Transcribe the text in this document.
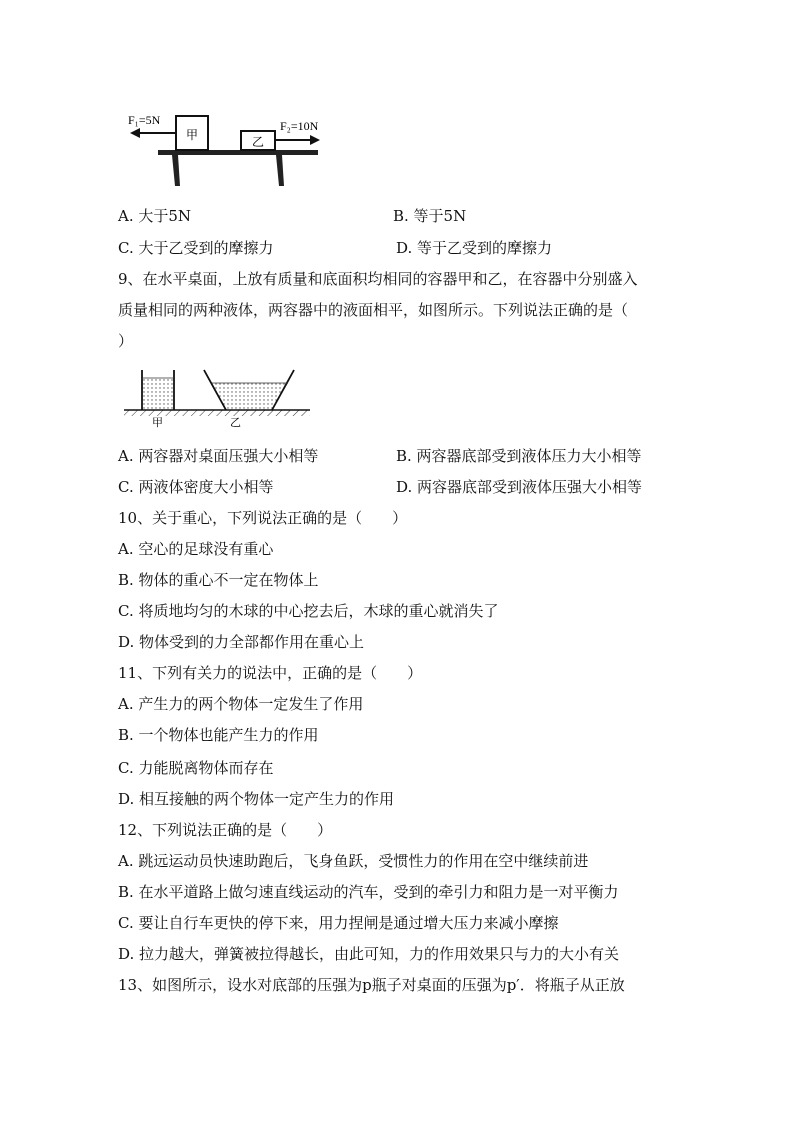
甲	乙
F₁=5N	F₂=10N
A. 大于5N	B. 等于5N
C. 大于乙受到的摩擦力	D. 等于乙受到的摩擦力
9、在水平桌面，上放有质量和底面积均相同的容器甲和乙，在容器中分别盛入
质量相同的两种液体，两容器中的液面相平，如图所示。下列说法正确的是（
）
甲	乙
A. 两容器对桌面压强大小相等	B. 两容器底部受到液体压力大小相等
C. 两液体密度大小相等	D. 两容器底部受到液体压强大小相等
10、关于重心，下列说法正确的是（　　）
A. 空心的足球没有重心
B. 物体的重心不一定在物体上
C. 将质地均匀的木球的中心挖去后，木球的重心就消失了
D. 物体受到的力全部都作用在重心上
11、下列有关力的说法中，正确的是（　　）
A. 产生力的两个物体一定发生了作用
B. 一个物体也能产生力的作用
C. 力能脱离物体而存在
D. 相互接触的两个物体一定产生力的作用
12、下列说法正确的是（　　）
A. 跳远运动员快速助跑后，飞身鱼跃，受惯性力的作用在空中继续前进
B. 在水平道路上做匀速直线运动的汽车，受到的牵引力和阻力是一对平衡力
C. 要让自行车更快的停下来，用力捏闸是通过增大压力来减小摩擦
D. 拉力越大，弹簧被拉得越长，由此可知，力的作用效果只与力的大小有关
13、如图所示，设水对底部的压强为p瓶子对桌面的压强为p′．将瓶子从正放
